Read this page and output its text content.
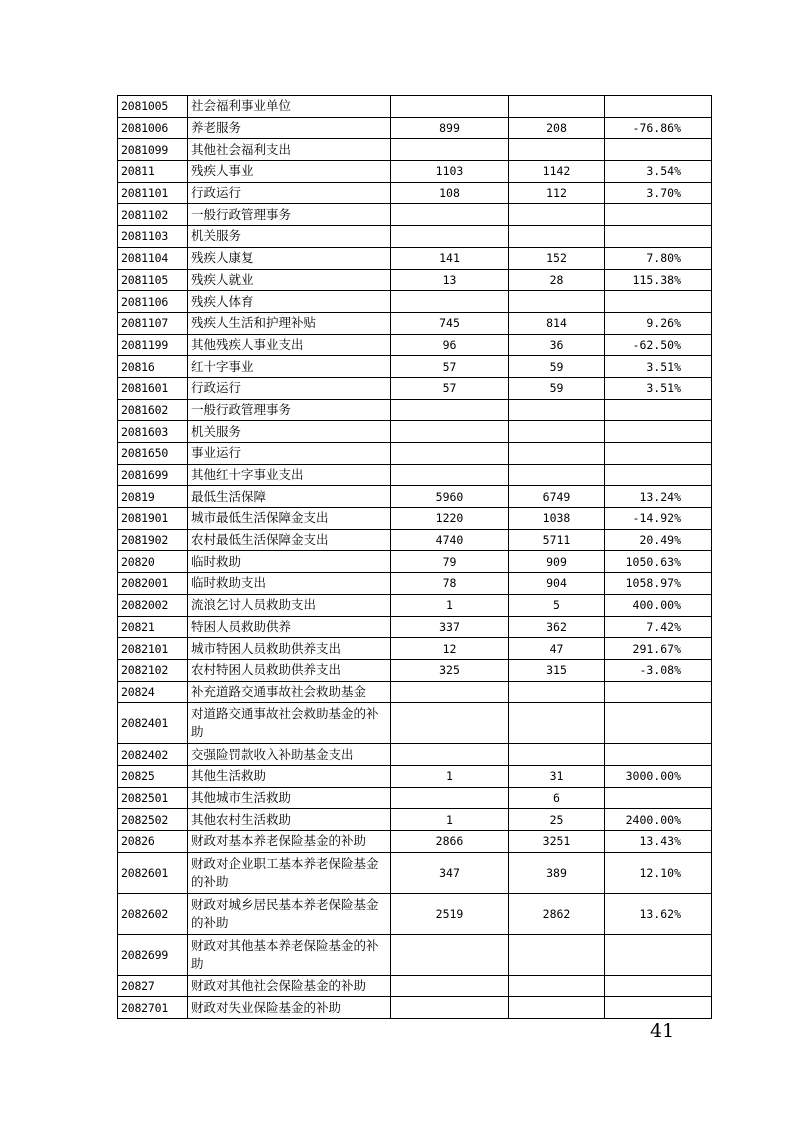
2081005	社会福利事业单位			
2081006	养老服务	899	208	-76.86%
2081099	其他社会福利支出			
20811	残疾人事业	1103	1142	3.54%
2081101	行政运行	108	112	3.70%
2081102	一般行政管理事务			
2081103	机关服务			
2081104	残疾人康复	141	152	7.80%
2081105	残疾人就业	13	28	115.38%
2081106	残疾人体育			
2081107	残疾人生活和护理补贴	745	814	9.26%
2081199	其他残疾人事业支出	96	36	-62.50%
20816	红十字事业	57	59	3.51%
2081601	行政运行	57	59	3.51%
2081602	一般行政管理事务			
2081603	机关服务			
2081650	事业运行			
2081699	其他红十字事业支出			
20819	最低生活保障	5960	6749	13.24%
2081901	城市最低生活保障金支出	1220	1038	-14.92%
2081902	农村最低生活保障金支出	4740	5711	20.49%
20820	临时救助	79	909	1050.63%
2082001	临时救助支出	78	904	1058.97%
2082002	流浪乞讨人员救助支出	1	5	400.00%
20821	特困人员救助供养	337	362	7.42%
2082101	城市特困人员救助供养支出	12	47	291.67%
2082102	农村特困人员救助供养支出	325	315	-3.08%
20824	补充道路交通事故社会救助基金			
2082401	对道路交通事故社会救助基金的补助			
2082402	交强险罚款收入补助基金支出			
20825	其他生活救助	1	31	3000.00%
2082501	其他城市生活救助		6	
2082502	其他农村生活救助	1	25	2400.00%
20826	财政对基本养老保险基金的补助	2866	3251	13.43%
2082601	财政对企业职工基本养老保险基金的补助	347	389	12.10%
2082602	财政对城乡居民基本养老保险基金的补助	2519	2862	13.62%
2082699	财政对其他基本养老保险基金的补助			
20827	财政对其他社会保险基金的补助			
2082701	财政对失业保险基金的补助			
41
